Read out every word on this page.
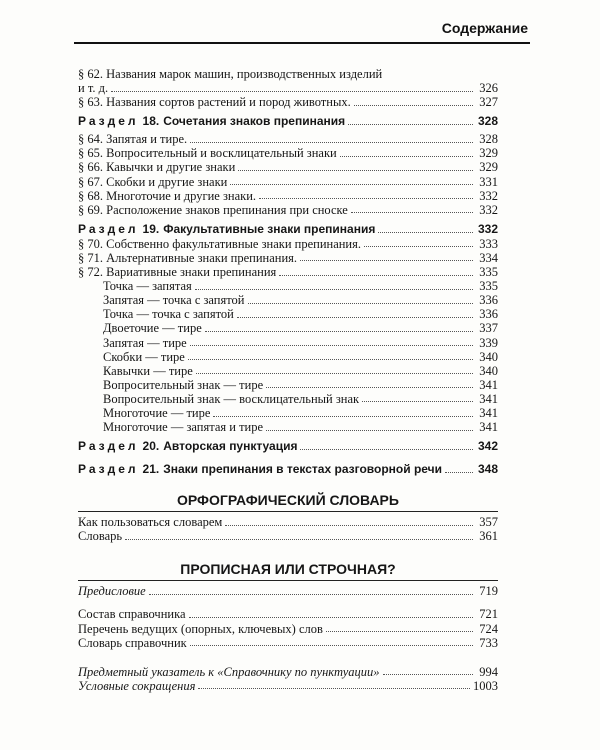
Содержание
§ 62. Названия марок машин, производственных изделий
и т. д.	326
§ 63. Названия сортов растений и пород животных.	327
Раздел 18. Сочетания знаков препинания	328
§ 64. Запятая и тире.	328
§ 65. Вопросительный и восклицательный знаки	329
§ 66. Кавычки и другие знаки	329
§ 67. Скобки и другие знаки	331
§ 68. Многоточие и другие знаки.	332
§ 69. Расположение знаков препинания при сноске	332
Раздел 19. Факультативные знаки препинания	332
§ 70. Собственно факультативные знаки препинания.	333
§ 71. Альтернативные знаки препинания.	334
§ 72. Вариативные знаки препинания	335
Точка — запятая	335
Запятая — точка с запятой	336
Точка — точка с запятой	336
Двоеточие — тире	337
Запятая — тире	339
Скобки — тире	340
Кавычки — тире	340
Вопросительный знак — тире	341
Вопросительный знак — восклицательный знак	341
Многоточие — тире	341
Многоточие — запятая и тире	341
Раздел 20. Авторская пунктуация	342
Раздел 21. Знаки препинания в текстах разговорной речи	348
ОРФОГРАФИЧЕСКИЙ СЛОВАРЬ
Как пользоваться словарем	357
Словарь	361
ПРОПИСНАЯ ИЛИ СТРОЧНАЯ?
Предисловие	719
Состав справочника	721
Перечень ведущих (опорных, ключевых) слов	724
Словарь справочник	733
Предметный указатель к «Справочнику по пунктуации»	994
Условные сокращения	1003
